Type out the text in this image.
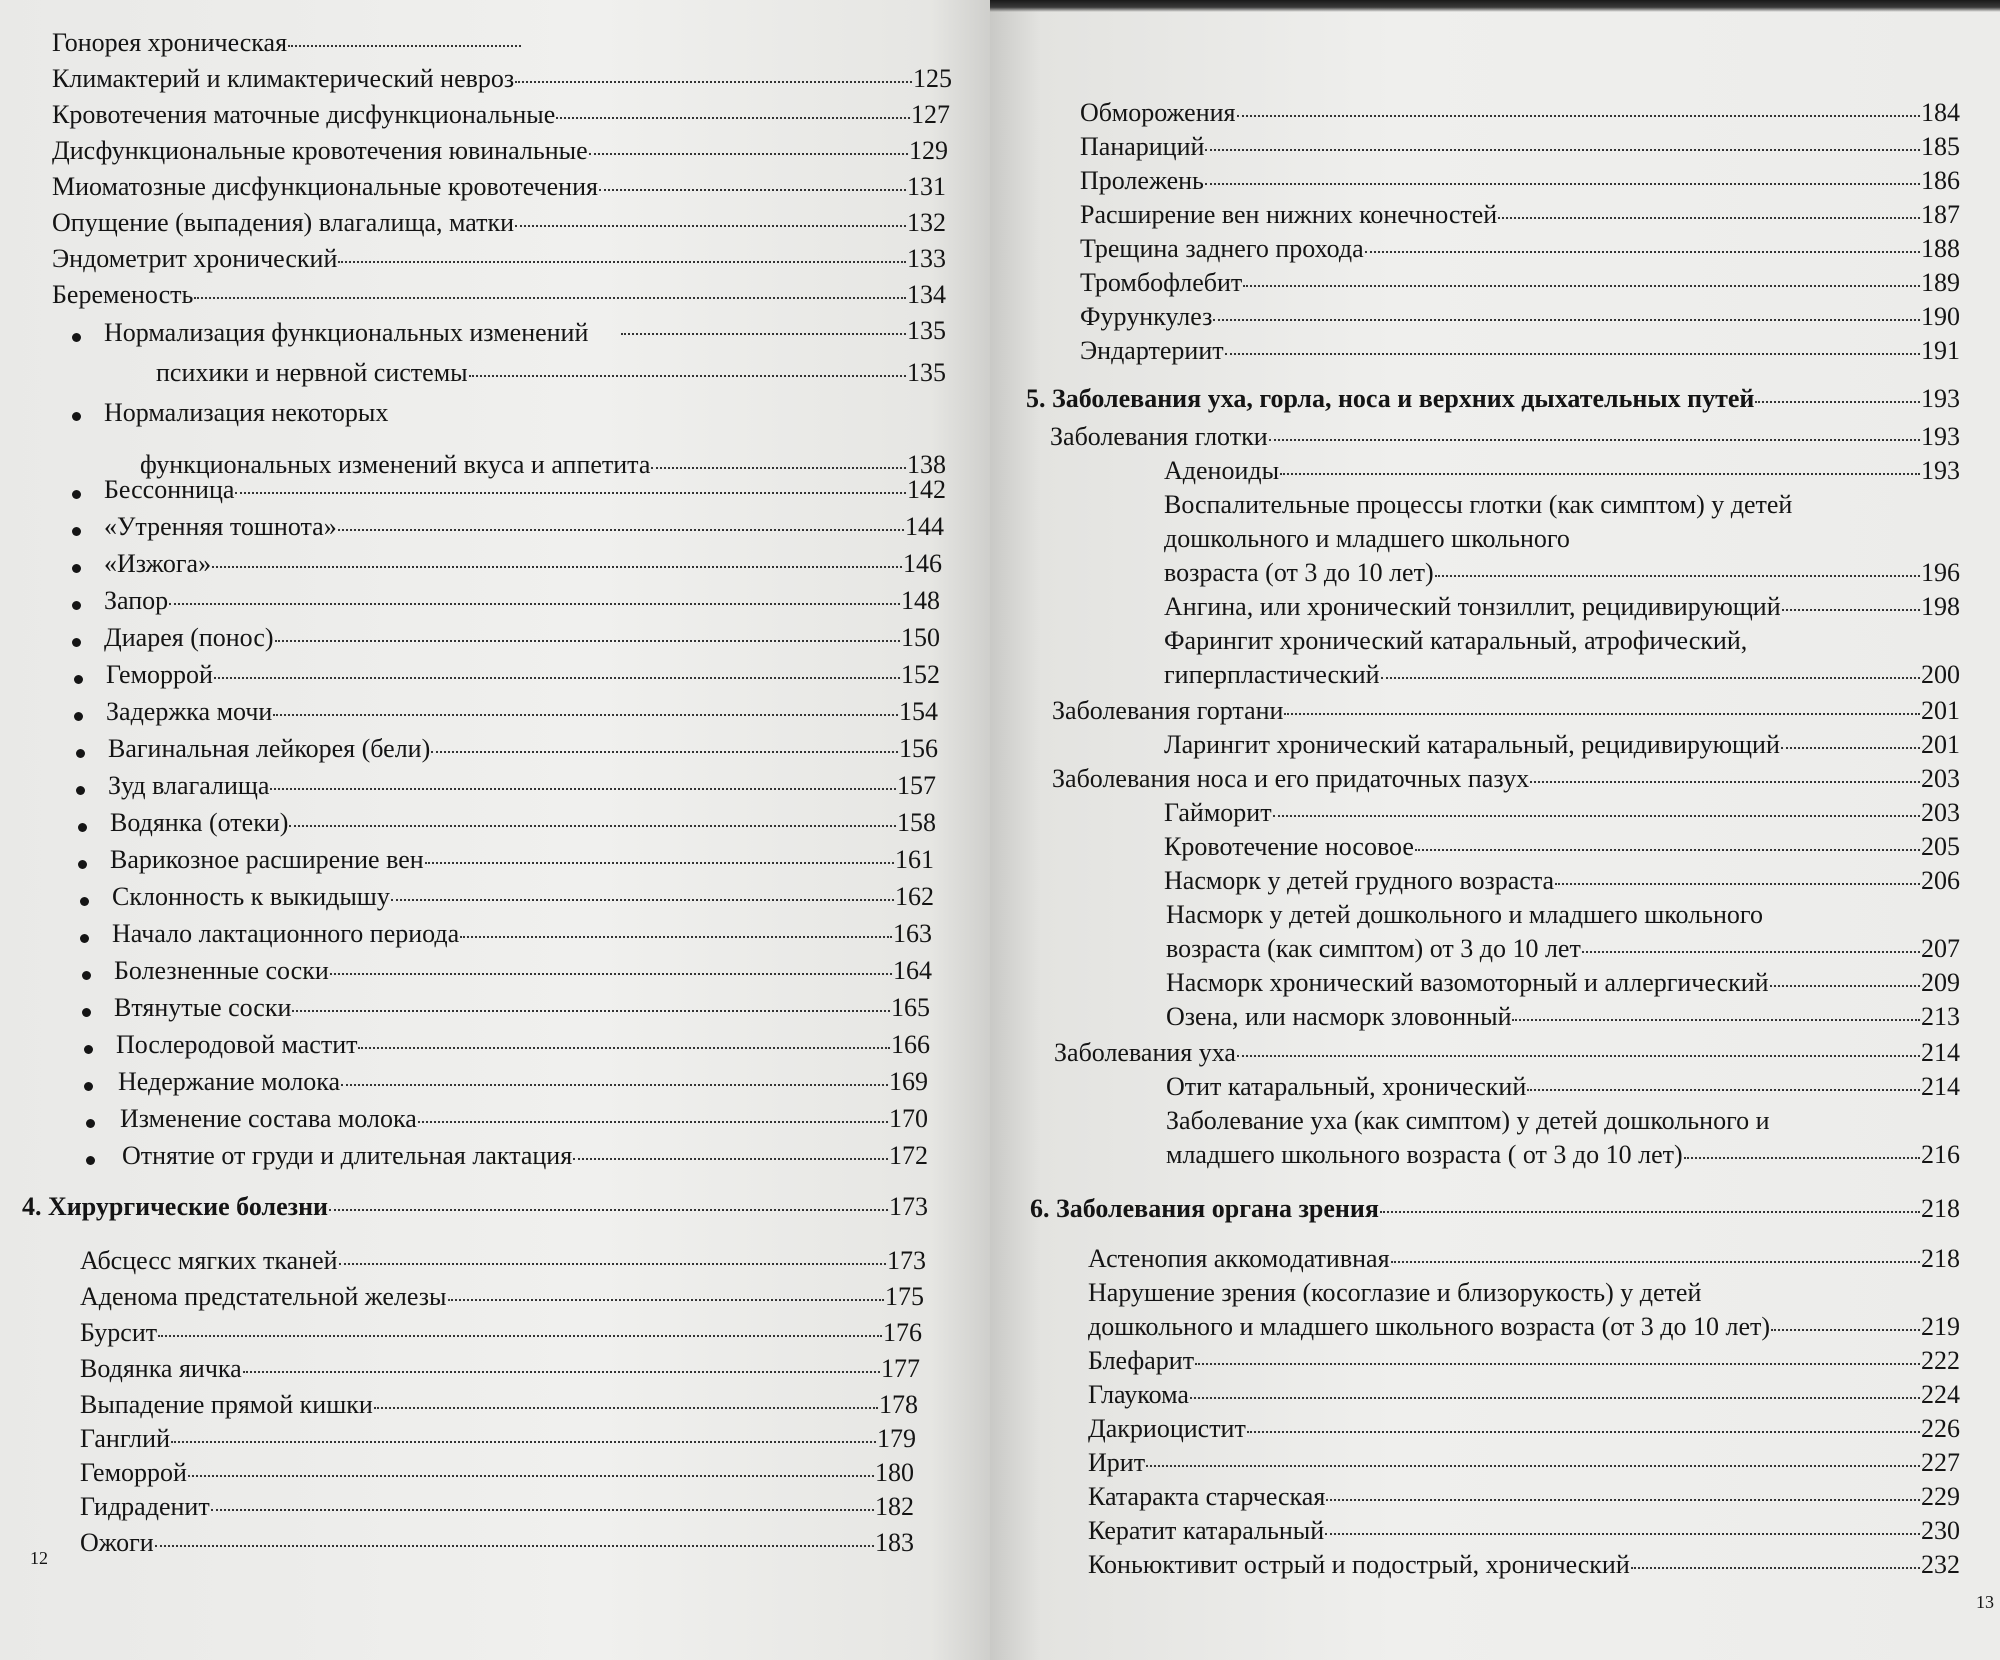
Гонорея хроническая
Климактерий и климактерический невроз	125
Кровотечения маточные дисфункциональные	127
Дисфункциональные кровотечения ювинальные	129
Миоматозные дисфункциональные кровотечения	131
Опущение (выпадения) влагалища, матки	132
Эндометрит хронический	133
Беременость	134
Нормализация функциональных изменений	135
психики и нервной системы	135
Нормализация некоторых
функциональных изменений вкуса и аппетита	138
Бессонница	142
«Утренняя тошнота»	144
«Изжога»	146
Запор	148
Диарея (понос)	150
Геморрой	152
Задержка мочи	154
Вагинальная лейкорея (бели)	156
Зуд влагалища	157
Водянка (отеки)	158
Варикозное расширение вен	161
Склонность к выкидышу	162
Начало лактационного периода	163
Болезненные соски	164
Втянутые соски	165
Послеродовой мастит	166
Недержание молока	169
Изменение состава молока	170
Отнятие от груди и длительная лактация	172
4. Хирургические болезни	173
Абсцесс мягких тканей	173
Аденома предстательной железы	175
Бурсит	176
Водянка яичка	177
Выпадение прямой кишки	178
Ганглий	179
Геморрой	180
Гидраденит	182
Ожоги	183
12
Обморожения	184
Панариций	185
Пролежень	186
Расширение вен нижних конечностей	187
Трещина заднего прохода	188
Тромбофлебит	189
Фурункулез	190
Эндартериит	191
5. Заболевания уха, горла, носа и верхних дыхательных путей	193
Заболевания глотки	193
Аденоиды	193
Воспалительные процессы глотки (как симптом) у детей
дошкольного и младшего школьного
возраста (от 3 до 10 лет)	196
Ангина, или хронический тонзиллит, рецидивирующий	198
Фарингит хронический катаральный, атрофический,
гиперпластический	200
Заболевания гортани	201
Ларингит хронический катаральный, рецидивирующий	201
Заболевания носа и его придаточных пазух	203
Гайморит	203
Кровотечение носовое	205
Насморк у детей грудного возраста	206
Насморк у детей дошкольного и младшего школьного
возраста (как симптом) от 3 до 10 лет	207
Насморк хронический вазомоторный и аллергический	209
Озена, или насморк зловонный	213
Заболевания уха	214
Отит катаральный, хронический	214
Заболевание уха (как симптом) у детей дошкольного и
младшего школьного возраста ( от 3 до 10 лет)	216
6. Заболевания органа зрения	218
Астенопия аккомодативная	218
Нарушение зрения (косоглазие и близорукость) у детей
дошкольного и младшего школьного возраста (от 3 до 10 лет)	219
Блефарит	222
Глаукома	224
Дакриоцистит	226
Ирит	227
Катаракта старческая	229
Кератит катаральный	230
Коньюктивит острый и подострый, хронический	232
13
